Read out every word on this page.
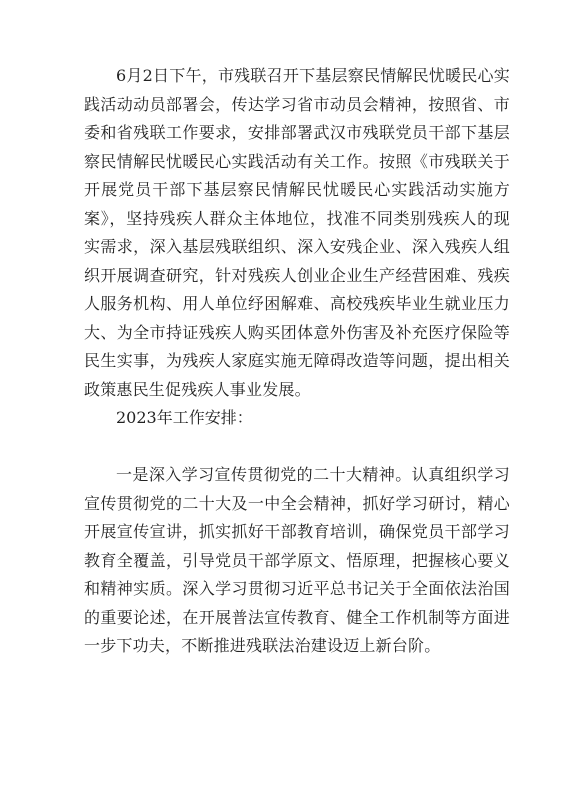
6月2日下午，市残联召开下基层察民情解民忧暖民心实践活动动员部署会，传达学习省市动员会精神，按照省、市委和省残联工作要求，安排部署武汉市残联党员干部下基层察民情解民忧暖民心实践活动有关工作。按照《市残联关于开展党员干部下基层察民情解民忧暖民心实践活动实施方案》，坚持残疾人群众主体地位，找准不同类别残疾人的现实需求，深入基层残联组织、深入安残企业、深入残疾人组织开展调查研究，针对残疾人创业企业生产经营困难、残疾人服务机构、用人单位纾困解难、高校残疾毕业生就业压力大、为全市持证残疾人购买团体意外伤害及补充医疗保险等民生实事，为残疾人家庭实施无障碍改造等问题，提出相关政策惠民生促残疾人事业发展。

2023年工作安排：

一是深入学习宣传贯彻党的二十大精神。认真组织学习宣传贯彻党的二十大及一中全会精神，抓好学习研讨，精心开展宣传宣讲，抓实抓好干部教育培训，确保党员干部学习教育全覆盖，引导党员干部学原文、悟原理，把握核心要义和精神实质。深入学习贯彻习近平总书记关于全面依法治国的重要论述，在开展普法宣传教育、健全工作机制等方面进一步下功夫，不断推进残联法治建设迈上新台阶。
